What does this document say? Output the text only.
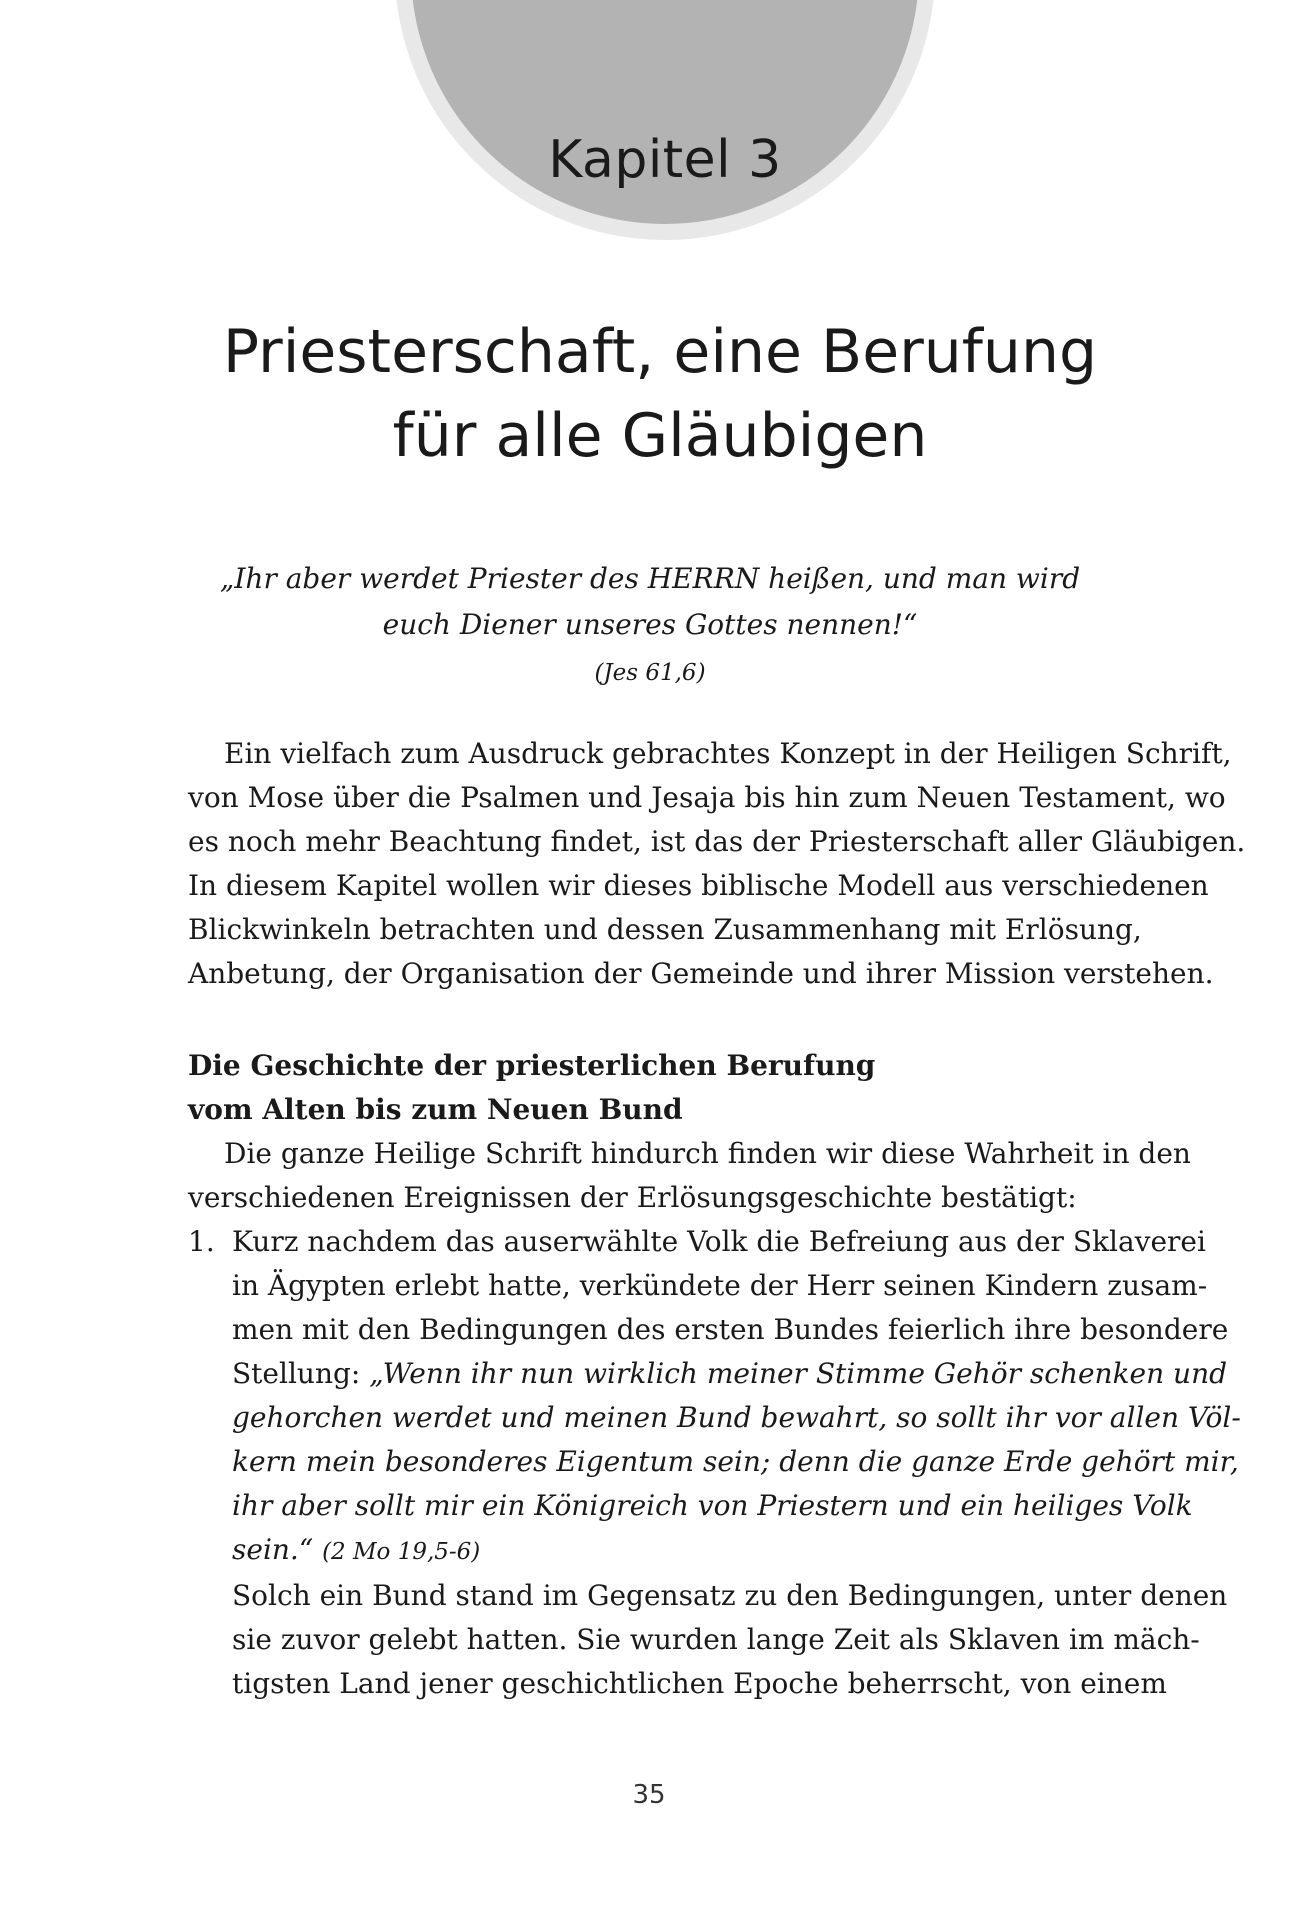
Kapitel 3
Priesterschaft, eine Berufung
für alle Gläubigen

„Ihr aber werdet Priester des HERRN heißen, und man wird
euch Diener unseres Gottes nennen!“
(Jes 61,6)

Ein vielfach zum Ausdruck gebrachtes Konzept in der Heiligen Schrift,
von Mose über die Psalmen und Jesaja bis hin zum Neuen Testament, wo
es noch mehr Beachtung findet, ist das der Priesterschaft aller Gläubigen.
In diesem Kapitel wollen wir dieses biblische Modell aus verschiedenen
Blickwinkeln betrachten und dessen Zusammenhang mit Erlösung,
Anbetung, der Organisation der Gemeinde und ihrer Mission verstehen.
Die Geschichte der priesterlichen Berufung
vom Alten bis zum Neuen Bund
Die ganze Heilige Schrift hindurch finden wir diese Wahrheit in den
verschiedenen Ereignissen der Erlösungsgeschichte bestätigt:
1. Kurz nachdem das auserwählte Volk die Befreiung aus der Sklaverei
in Ägypten erlebt hatte, verkündete der Herr seinen Kindern zusam-
men mit den Bedingungen des ersten Bundes feierlich ihre besondere
Stellung: „Wenn ihr nun wirklich meiner Stimme Gehör schenken und
gehorchen werdet und meinen Bund bewahrt, so sollt ihr vor allen Völ-
kern mein besonderes Eigentum sein; denn die ganze Erde gehört mir,
ihr aber sollt mir ein Königreich von Priestern und ein heiliges Volk
sein.“ (2 Mo 19,5-6)
Solch ein Bund stand im Gegensatz zu den Bedingungen, unter denen
sie zuvor gelebt hatten. Sie wurden lange Zeit als Sklaven im mäch-
tigsten Land jener geschichtlichen Epoche beherrscht, von einem
35
